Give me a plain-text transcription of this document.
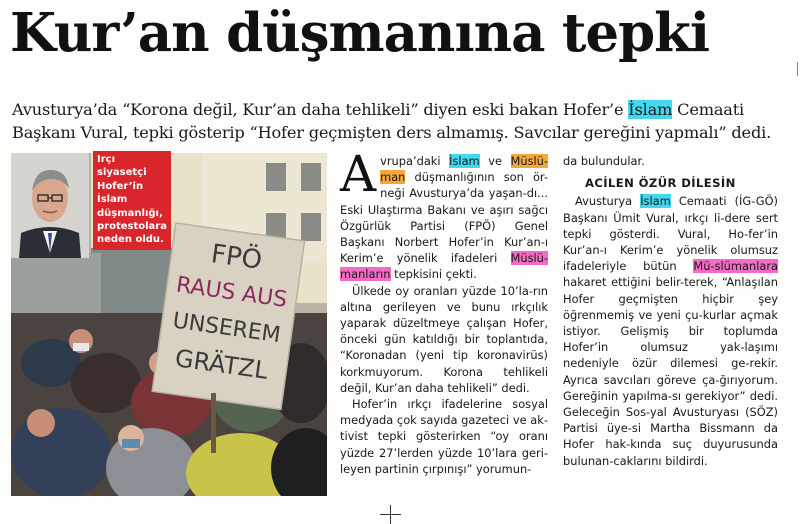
Kur’an düşmanına tepki
Avusturya’da “Korona değil, Kur’an daha tehlikeli” diyen eski bakan Hofer’e İslam Cemaati Başkanı Vural, tepki gösterip “Hofer geçmişten ders almamış. Savcılar gereğini yapmalı” dedi.
FPÖ
RAUS AUS
UNSEREM
GRÄTZL
Irçı siyasetçi Hofer’in İslam düşmanlığı, protestolara neden oldu.

Avrupa’daki İslam ve Müslü-man düşmanlığının son ör-neği Avusturya’da yaşan-dı... Eski Ulaştırma Bakanı ve aşırı sağcı Özgürlük Partisi (FPÖ) Genel Başkanı Norbert Hofer’in Kur’an-ı Kerim’e yönelik ifadeleri Müslü-manların tepkisini çekti.

Ülkede oy oranları yüzde 10’la-rın altına gerileyen ve bunu ırkçılık yaparak düzeltmeye çalışan Hofer, önceki gün katıldığı bir toplantıda, “Koronadan (yeni tip koronavirüs) korkmuyorum. Korona tehlikeli değil, Kur’an daha tehlikeli” dedi.

Hofer’in ırkçı ifadelerine sosyal medyada çok sayıda gazeteci ve ak-tivist tepki gösterirken “oy oranı yüzde 27’lerden yüzde 10’lara geri-leyen partinin çırpınışı” yorumun-

da bulundular.

ACİLEN ÖZÜR DİLESİN

Avusturya İslam Cemaati (İG-GÖ) Başkanı Ümit Vural, ırkçı li-dere sert tepki gösterdi. Vural, Ho-fer’in Kur’an-ı Kerim’e yönelik olumsuz ifadeleriyle bütün Mü-slümanlara hakaret ettiğini belir-terek, “Anlaşılan Hofer geçmişten hiçbir şey öğrenmemiş ve yeni çu-kurlar açmak istiyor. Gelişmiş bir toplumda Hofer’in olumsuz yak-laşımı nedeniyle özür dilemesi ge-rekir. Ayrıca savcıları göreve ça-ğırıyorum. Gereğinin yapılma-sı gerekiyor” dedi. Geleceğin Sos-yal Avusturyası (SÖZ) Partisi üye-si Martha Bissmann da Hofer hak-kında suç duyurusunda bulunan-caklarını bildirdi.
